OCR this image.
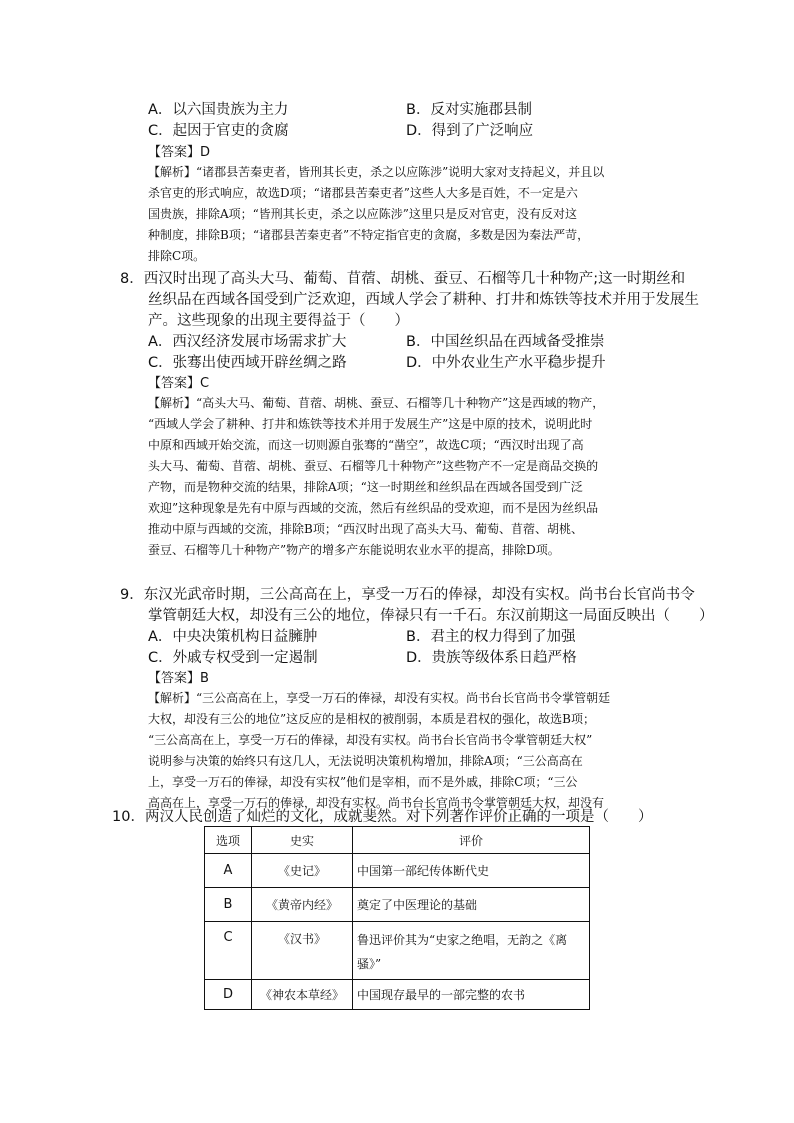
A．以六国贵族为主力	B．反对实施郡县制
C．起因于官吏的贪腐	D．得到了广泛响应
【答案】D
【解析】“诸郡县苦秦吏者，皆刑其长吏，杀之以应陈涉”说明大家对支持起义，并且以
杀官吏的形式响应，故选D项；“诸郡县苦秦吏者”这些人大多是百姓，不一定是六
国贵族，排除A项；“皆刑其长吏，杀之以应陈涉”这里只是反对官吏，没有反对这
种制度，排除B项；“诸郡县苦秦吏者”不特定指官吏的贪腐，多数是因为秦法严苛，
排除C项。
8．西汉时出现了高头大马、葡萄、苜蓿、胡桃、蚕豆、石榴等几十种物产;这一时期丝和
丝织品在西域各国受到广泛欢迎，西域人学会了耕种、打井和炼铁等技术并用于发展生
产。这些现象的出现主要得益于（　　）
A．西汉经济发展市场需求扩大	B．中国丝织品在西域备受推崇
C．张骞出使西域开辟丝绸之路	D．中外农业生产水平稳步提升
【答案】C
【解析】“高头大马、葡萄、苜蓿、胡桃、蚕豆、石榴等几十种物产”这是西域的物产，
“西域人学会了耕种、打井和炼铁等技术并用于发展生产”这是中原的技术，说明此时
中原和西域开始交流，而这一切则源自张骞的“凿空”，故选C项；“西汉时出现了高
头大马、葡萄、苜蓿、胡桃、蚕豆、石榴等几十种物产”这些物产不一定是商品交换的
产物，而是物种交流的结果，排除A项；“这一时期丝和丝织品在西域各国受到广泛
欢迎”这种现象是先有中原与西域的交流，然后有丝织品的受欢迎，而不是因为丝织品
推动中原与西域的交流，排除B项；“西汉时出现了高头大马、葡萄、苜蓿、胡桃、
蚕豆、石榴等几十种物产”物产的增多产东能说明农业水平的提高，排除D项。
9．东汉光武帝时期，三公高高在上，享受一万石的俸禄，却没有实权。尚书台长官尚书令
掌管朝廷大权，却没有三公的地位，俸禄只有一千石。东汉前期这一局面反映出（　　）
A．中央决策机构日益臃肿	B．君主的权力得到了加强
C．外戚专权受到一定遏制	D．贵族等级体系日趋严格
【答案】B
【解析】“三公高高在上，享受一万石的俸禄，却没有实权。尚书台长官尚书令掌管朝廷
大权，却没有三公的地位”这反应的是相权的被削弱，本质是君权的强化，故选B项；
“三公高高在上，享受一万石的俸禄，却没有实权。尚书台长官尚书令掌管朝廷大权”
说明参与决策的始终只有这几人，无法说明决策机构增加，排除A项；“三公高高在
上，享受一万石的俸禄，却没有实权”他们是宰相，而不是外戚，排除C项；“三公
高高在上，享受一万石的俸禄，却没有实权。尚书台长官尚书令掌管朝廷大权，却没有
10．两汉人民创造了灿烂的文化，成就斐然。对下列著作评价正确的一项是（　　）
选项	史实	评价
A	《史记》	中国第一部纪传体断代史
B	《黄帝内经》	奠定了中医理论的基础
C	《汉书》	鲁迅评价其为“史家之绝唱，无韵之《离骚》”
D	《神农本草经》	中国现存最早的一部完整的农书
